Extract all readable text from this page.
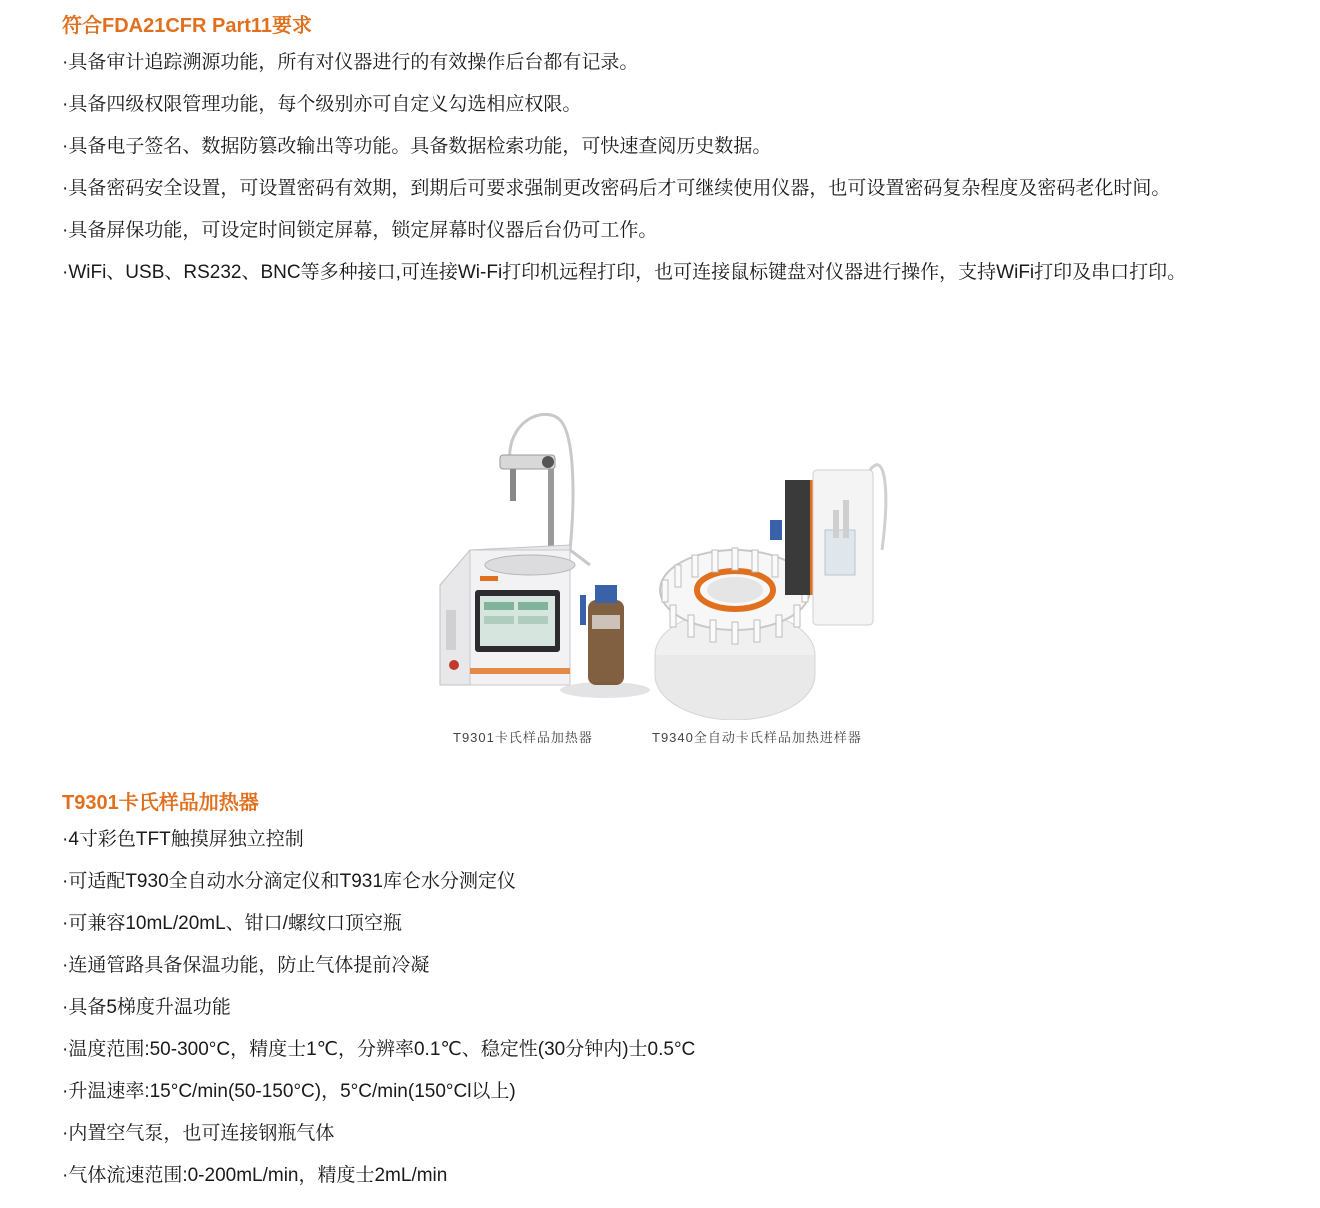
符合FDA21CFR Part11要求
·具备审计追踪溯源功能，所有对仪器进行的有效操作后台都有记录。
·具备四级权限管理功能，每个级别亦可自定义勾选相应权限。
·具备电子签名、数据防篡改输出等功能。具备数据检索功能，可快速查阅历史数据。
·具备密码安全设置，可设置密码有效期，到期后可要求强制更改密码后才可继续使用仪器，也可设置密码复杂程度及密码老化时间。
·具备屏保功能，可设定时间锁定屏幕，锁定屏幕时仪器后台仍可工作。
·WiFi、USB、RS232、BNC等多种接口,可连接Wi-Fi打印机远程打印，也可连接鼠标键盘对仪器进行操作，支持WiFi打印及串口打印。
T9301卡氏样品加热器	T9340全自动卡氏样品加热进样器
T9301卡氏样品加热器
·4寸彩色TFT触摸屏独立控制
·可适配T930全自动水分滴定仪和T931库仑水分测定仪
·可兼容10mL/20mL、钳口/螺纹口顶空瓶
·连通管路具备保温功能，防止气体提前冷凝
·具备5梯度升温功能
·温度范围:50-300°C，精度士1℃，分辨率0.1℃、稳定性(30分钟内)士0.5°C
·升温速率:15°C/min(50-150°C)，5°C/min(150°Cl以上)
·内置空气泵，也可连接钢瓶气体
·气体流速范围:0-200mL/min，精度士2mL/min
